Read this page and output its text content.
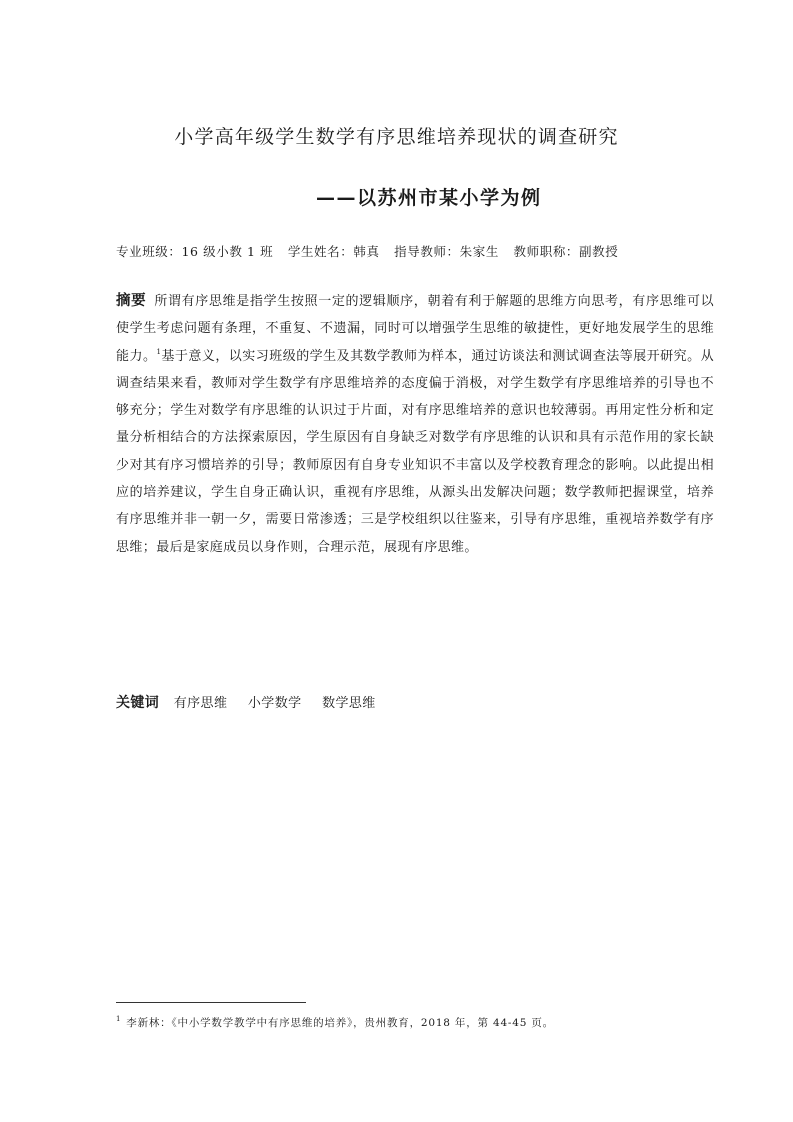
小学高年级学生数学有序思维培养现状的调查研究
——以苏州市某小学为例
专业班级：16 级小教 1 班 学生姓名：韩真 指导教师：朱家生 教师职称：副教授
摘要 所谓有序思维是指学生按照一定的逻辑顺序，朝着有利于解题的思维方向思考，有序思维可以使学生考虑问题有条理，不重复、不遗漏，同时可以增强学生思维的敏捷性，更好地发展学生的思维能力。$^1$基于意义，以实习班级的学生及其数学教师为样本，通过访谈法和测试调查法等展开研究。从调查结果来看，教师对学生数学有序思维培养的态度偏于消极，对学生数学有序思维培养的引导也不够充分；学生对数学有序思维的认识过于片面，对有序思维培养的意识也较薄弱。再用定性分析和定量分析相结合的方法探索原因，学生原因有自身缺乏对数学有序思维的认识和具有示范作用的家长缺少对其有序习惯培养的引导；教师原因有自身专业知识不丰富以及学校教育理念的影响。以此提出相应的培养建议，学生自身正确认识，重视有序思维，从源头出发解决问题；数学教师把握课堂，培养有序思维并非一朝一夕，需要日常渗透；三是学校组织以往鉴来，引导有序思维，重视培养数学有序思维；最后是家庭成员以身作则，合理示范，展现有序思维。
关键词 有序思维 小学数学 数学思维
$^1$ 李新林：《中小学数学教学中有序思维的培养》，贵州教育，2018 年，第 44-45 页。
